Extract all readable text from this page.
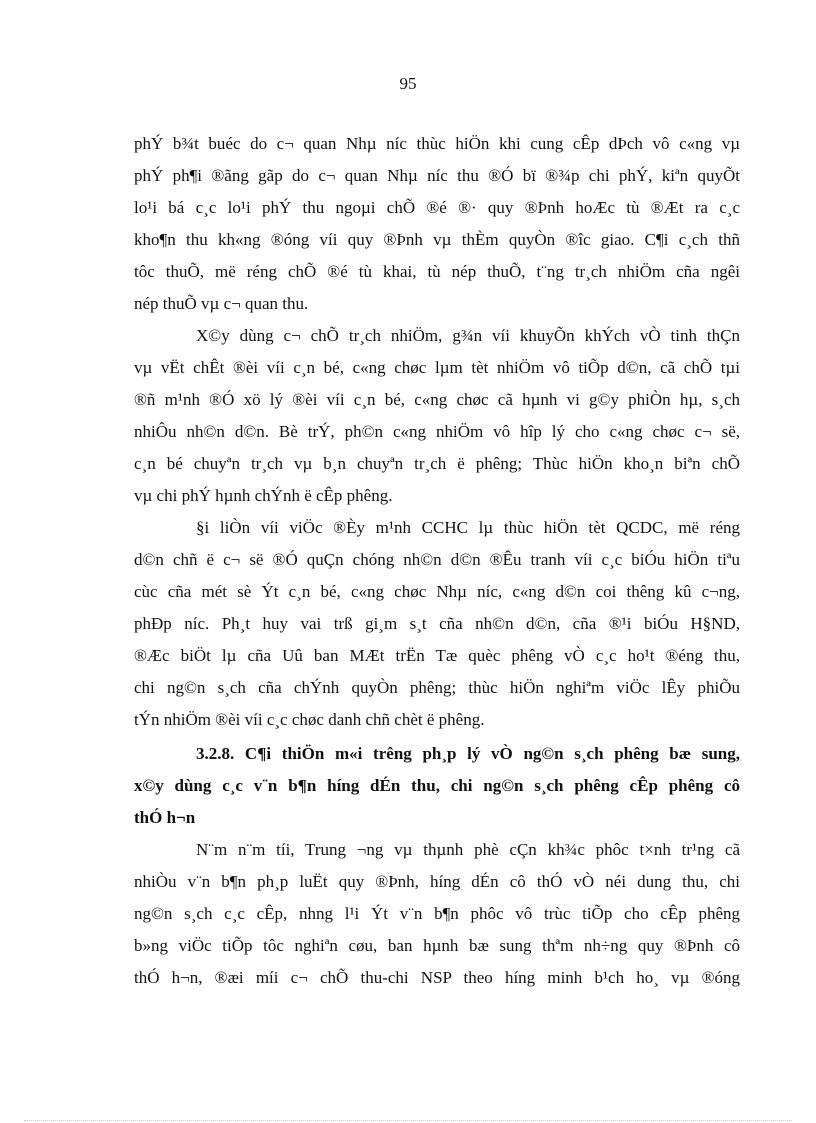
95
phÝ b¾t buéc do c¬ quan Nhµ níc thùc hiÖn khi cung cÊp dÞch vô c«ng vµ
phÝ ph¶i ®ãng gãp do c¬ quan Nhµ níc thu ®Ó bï ®¾p chi phÝ, kiªn quyÕt
lo¹i bá c¸c lo¹i phÝ thu ngoµi chÕ ®é ®· quy ®Þnh hoÆc tù ®Æt ra c¸c
kho¶n thu kh«ng ®óng víi quy ®Þnh vµ thÈm quyÒn ®îc giao. C¶i c¸ch thñ
tôc thuÕ, më réng chÕ ®é tù khai, tù nép thuÕ, t¨ng tr¸ch nhiÖm cña ngêi
nép thuÕ vµ c¬ quan thu.
X©y dùng c¬ chÕ tr¸ch nhiÖm, g¾n víi khuyÕn khÝch vÒ tinh thÇn
vµ vËt chÊt ®èi víi c¸n bé, c«ng chøc lµm tèt nhiÖm vô tiÕp d©n, cã chÕ tµi
®ñ m¹nh ®Ó xö lý ®èi víi c¸n bé, c«ng chøc cã hµnh vi g©y phiÒn hµ, s¸ch
nhiÔu nh©n d©n. Bè trÝ, ph©n c«ng nhiÖm vô hîp lý cho c«ng chøc c¬ së,
c¸n bé chuyªn tr¸ch vµ b¸n chuyªn tr¸ch ë phêng; Thùc hiÖn kho¸n biªn chÕ
vµ chi phÝ hµnh chÝnh ë cÊp phêng.
§i liÒn víi viÖc ®Èy m¹nh CCHC lµ thùc hiÖn tèt QCDC, më réng
d©n chñ ë c¬ së ®Ó quÇn chóng nh©n d©n ®Êu tranh víi c¸c biÓu hiÖn tiªu
cùc cña mét sè Ýt c¸n bé, c«ng chøc Nhµ níc, c«ng d©n coi thêng kû c¬ng,
phÐp níc. Ph¸t huy vai trß gi¸m s¸t cña nh©n d©n, cña ®¹i biÓu H§ND,
®Æc biÖt lµ cña Uû ban MÆt trËn Tæ quèc phêng vÒ c¸c ho¹t ®éng thu,
chi ng©n s¸ch cña chÝnh quyÒn phêng; thùc hiÖn nghiªm viÖc lÊy phiÕu
tÝn nhiÖm ®èi víi c¸c chøc danh chñ chèt ë phêng.
3.2.8. C¶i thiÖn m«i trêng ph¸p lý vÒ ng©n s¸ch phêng bæ sung,
x©y dùng c¸c v¨n b¶n híng dÉn thu, chi ng©n s¸ch phêng cÊp phêng cô
thÓ h¬n
N¨m n¨m tíi, Trung ¬ng vµ thµnh phè cÇn kh¾c phôc t×nh tr¹ng cã
nhiÒu v¨n b¶n ph¸p luËt quy ®Þnh, híng dÉn cô thÓ vÒ néi dung thu, chi
ng©n s¸ch c¸c cÊp, nhng l¹i Ýt v¨n b¶n phôc vô trùc tiÕp cho cÊp phêng
b»ng viÖc tiÕp tôc nghiªn cøu, ban hµnh bæ sung thªm nh÷ng quy ®Þnh cô
thÓ h¬n, ®æi míi c¬ chÕ thu-chi NSP theo híng minh b¹ch ho¸ vµ ®óng
